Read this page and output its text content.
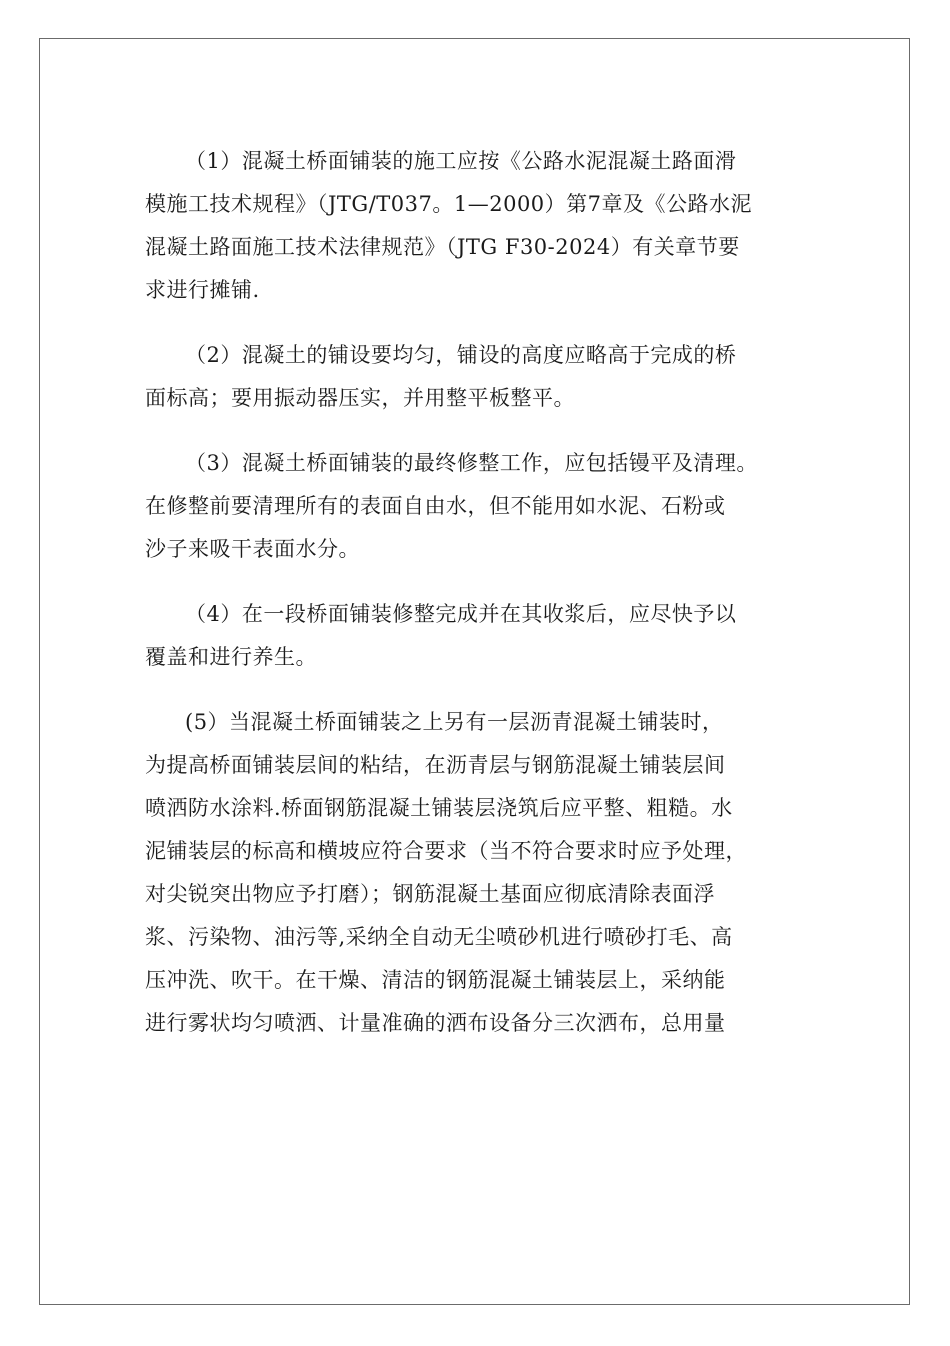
（1）混凝土桥面铺装的施工应按《公路水泥混凝土路面滑
模施工技术规程》（JTG/T037。1—2000）第7章及《公路水泥
混凝土路面施工技术法律规范》（JTG F30-2024）有关章节要
求进行摊铺.
（2）混凝土的铺设要均匀，铺设的高度应略高于完成的桥
面标高；要用振动器压实，并用整平板整平。
（3）混凝土桥面铺装的最终修整工作，应包括镘平及清理。
在修整前要清理所有的表面自由水，但不能用如水泥、石粉或
沙子来吸干表面水分。
（4）在一段桥面铺装修整完成并在其收浆后，应尽快予以
覆盖和进行养生。
(5）当混凝土桥面铺装之上另有一层沥青混凝土铺装时，
为提高桥面铺装层间的粘结，在沥青层与钢筋混凝土铺装层间
喷洒防水涂料.桥面钢筋混凝土铺装层浇筑后应平整、粗糙。水
泥铺装层的标高和横坡应符合要求（当不符合要求时应予处理，
对尖锐突出物应予打磨）；钢筋混凝土基面应彻底清除表面浮
浆、污染物、油污等,采纳全自动无尘喷砂机进行喷砂打毛、高
压冲洗、吹干。在干燥、清洁的钢筋混凝土铺装层上，采纳能
进行雾状均匀喷洒、计量准确的洒布设备分三次洒布，总用量
